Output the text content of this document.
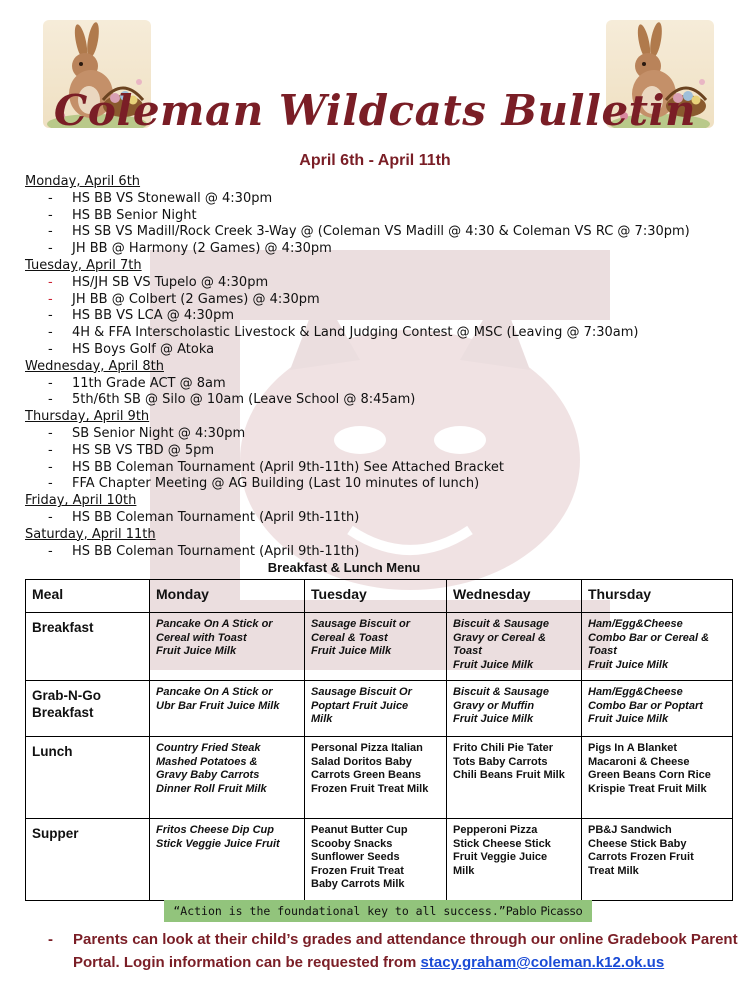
Coleman Wildcats Bulletin
April 6th - April 11th
Monday, April 6th
- HS BB VS Stonewall @ 4:30pm
- HS BB Senior Night
- HS SB VS Madill/Rock Creek 3-Way @ (Coleman VS Madill @ 4:30 & Coleman VS RC @ 7:30pm)
- JH BB @ Harmony (2 Games) @ 4:30pm
Tuesday, April 7th
- HS/JH SB VS Tupelo @ 4:30pm
- JH BB @ Colbert (2 Games) @ 4:30pm
- HS BB VS LCA @ 4:30pm
- 4H & FFA Interscholastic Livestock & Land Judging Contest @ MSC (Leaving @ 7:30am)
- HS Boys Golf @ Atoka
Wednesday, April 8th
- 11th Grade ACT @ 8am
- 5th/6th SB @ Silo @ 10am (Leave School @ 8:45am)
Thursday, April 9th
- SB Senior Night @ 4:30pm
- HS SB VS TBD @ 5pm
- HS BB Coleman Tournament (April 9th-11th) See Attached Bracket
- FFA Chapter Meeting @ AG Building (Last 10 minutes of lunch)
Friday, April 10th
- HS BB Coleman Tournament (April 9th-11th)
Saturday, April 11th
- HS BB Coleman Tournament (April 9th-11th)
Breakfast & Lunch Menu
Meal	Monday	Tuesday	Wednesday	Thursday
Breakfast	Pancake On A Stick or
Cereal with Toast
Fruit Juice Milk	Sausage Biscuit or
Cereal & Toast
Fruit Juice Milk	Biscuit & Sausage
Gravy or Cereal &
Toast
Fruit Juice Milk	Ham/Egg&Cheese
Combo Bar or Cereal &
Toast
Fruit Juice Milk
Grab-N-Go
Breakfast	Pancake On A Stick or
Ubr Bar Fruit Juice Milk	Sausage Biscuit Or
Poptart Fruit Juice
Milk	Biscuit & Sausage
Gravy or Muffin
Fruit Juice Milk	Ham/Egg&Cheese
Combo Bar or Poptart
Fruit Juice Milk
Lunch	Country Fried Steak
Mashed Potatoes &
Gravy Baby Carrots
Dinner Roll Fruit Milk	Personal Pizza Italian
Salad Doritos Baby
Carrots Green Beans
Frozen Fruit Treat Milk	Frito Chili Pie Tater
Tots Baby Carrots
Chili Beans Fruit Milk	Pigs In A Blanket
Macaroni & Cheese
Green Beans Corn Rice
Krispie Treat Fruit Milk
Supper	Fritos Cheese Dip Cup
Stick Veggie Juice Fruit	Peanut Butter Cup
Scooby Snacks
Sunflower Seeds
Frozen Fruit Treat
Baby Carrots Milk	Pepperoni Pizza
Stick Cheese Stick
Fruit Veggie Juice
Milk	PB&J Sandwich
Cheese Stick Baby
Carrots Frozen Fruit
Treat Milk
“Action is the foundational key to all success.”Pablo Picasso
-	Parents can look at their child’s grades and attendance through our online Gradebook Parent Portal. Login information can be requested from stacy.graham@coleman.k12.ok.us
